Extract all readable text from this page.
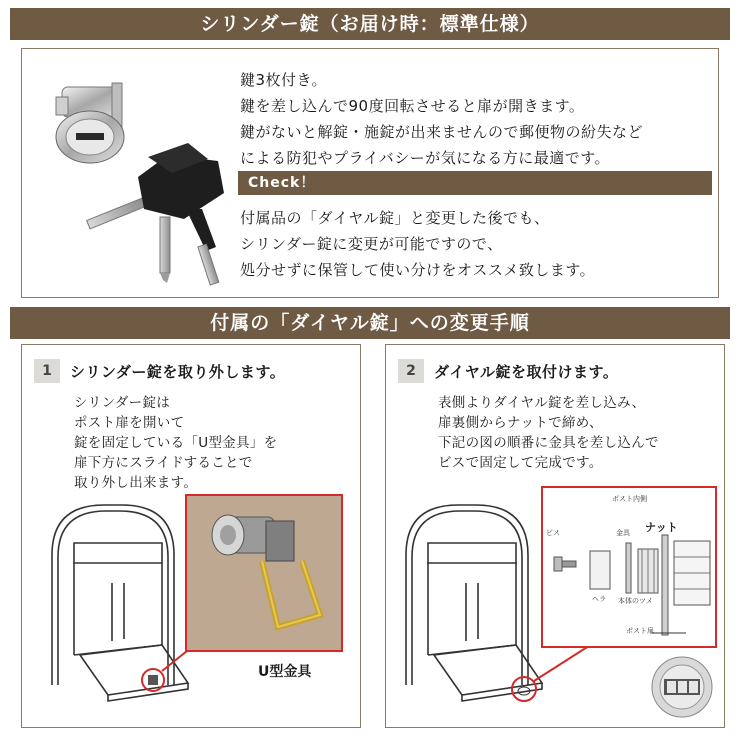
シリンダー錠（お届け時：標準仕様）
鍵3枚付き。
鍵を差し込んで90度回転させると扉が開きます。
鍵がないと解錠・施錠が出来ませんので郵便物の紛失など
による防犯やプライバシーが気になる方に最適です。
Check！
付属品の「ダイヤル錠」と変更した後でも、
シリンダー錠に変更が可能ですので、
処分せずに保管して使い分けをオススメ致します。
付属の「ダイヤル錠」への変更手順
1	シリンダー錠を取り外します。
シリンダー錠は
ポスト扉を開いて
錠を固定している「U型金具」を
扉下方にスライドすることで
取り外し出来ます。
U型金具
ポスト内側
ビス	金具
ヘラ 本体のツメ
ポスト扉
2	ダイヤル錠を取付けます。
表側よりダイヤル錠を差し込み、
扉裏側からナットで締め、
下記の図の順番に金具を差し込んで
ビスで固定して完成です。
ナット
